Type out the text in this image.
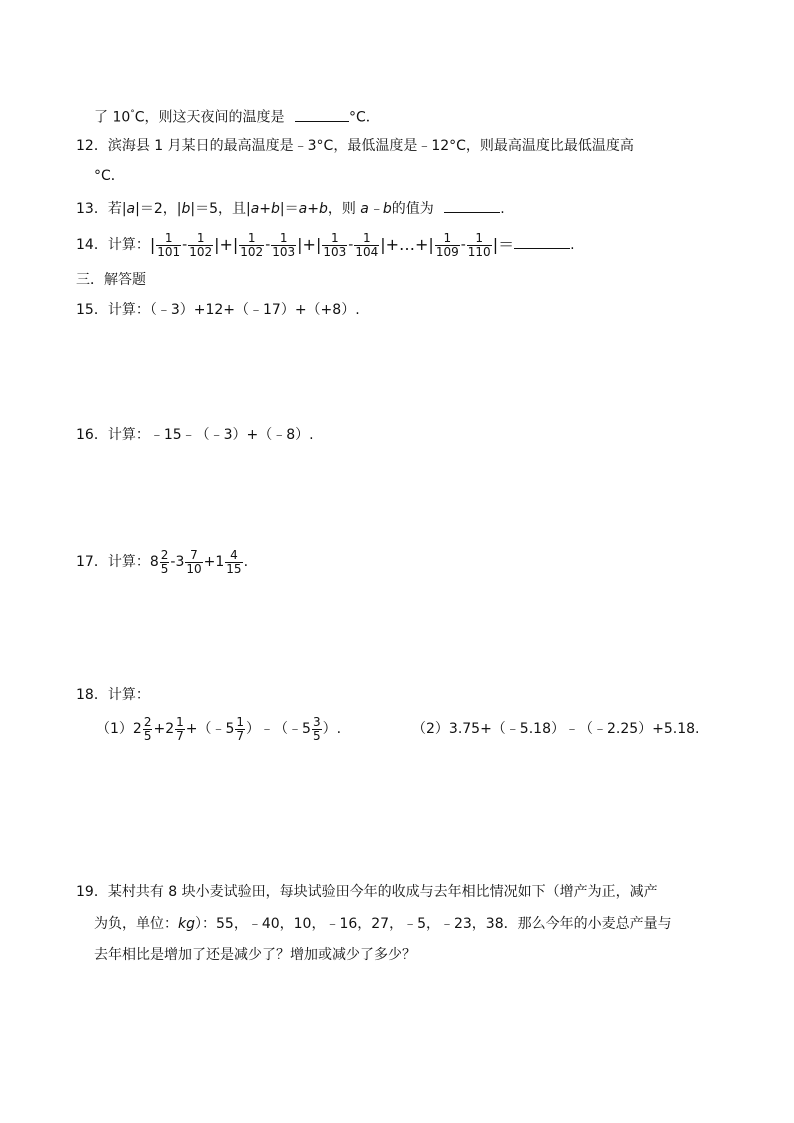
了 10°C，则这天夜间的温度是	°C．
12．滨海县 1 月某日的最高温度是﹣3°C，最低温度是﹣12°C，则最高温度比最低温度高
°C．
13．若|a|＝2，|b|＝5，且|a+b|＝a+b，则 a﹣b的值为	.
14．计算：| $\frac{1}{101} - \frac{1}{102}$ |+| $\frac{1}{102} - \frac{1}{103}$ |+| $\frac{1}{103} - \frac{1}{104}$ |+…+| $\frac{1}{109} - \frac{1}{110}$ |＝	.
三．解答题
15．计算：（﹣3）+12+（﹣17）+（+8）.
16．计算：﹣15﹣（﹣3）+（﹣8）.
17．计算：$8 \frac{2}{5} -3 \frac{7}{10} +1 \frac{4}{15}$ .
18．计算：
$(1)2 \frac{2}{5} +2 \frac{1}{7}$ +（﹣5 $\frac{1}{7}$ ）﹣（﹣5 $\frac{3}{5}$ ）.	（2）3.75+（﹣5.18）﹣（﹣2.25）+5.18.
19．某村共有 8 块小麦试验田，每块试验田今年的收成与去年相比情况如下（增产为正，减产
为负，单位：kg）：55，﹣40，10，﹣16，27，﹣5，﹣23，38．那么今年的小麦总产量与
去年相比是增加了还是减少了？增加或减少了多少？
